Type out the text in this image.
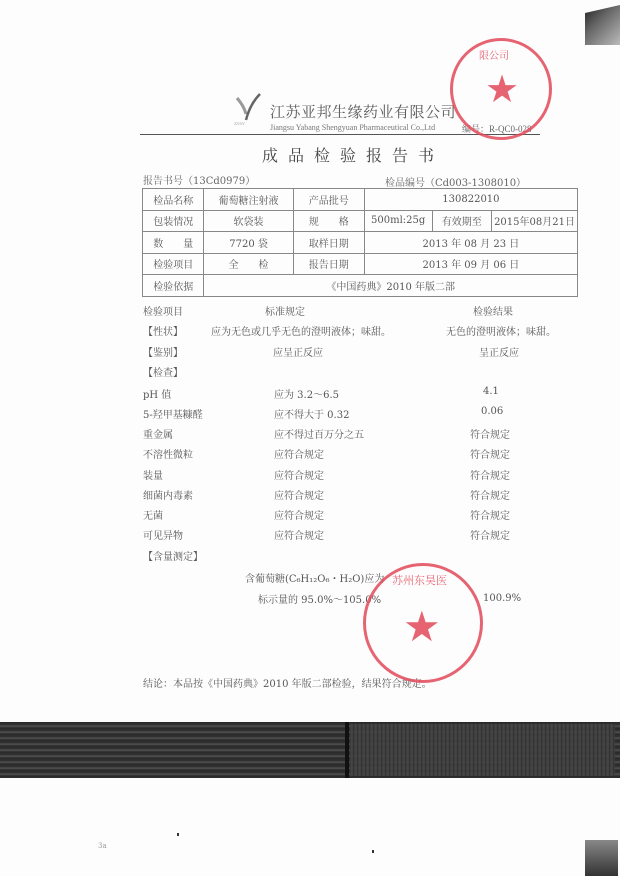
ZYSY
江苏亚邦生缘药业有限公司
Jiangsu Yabang Shengyuan Pharmaceutical Co.,Ltd	编号：R-QC0-028
成品检验报告书
报告书号（13Cd0979）	检品编号（Cd003-1308010）
检品名称	葡萄糖注射液	产品批号	130822010		
包装情况	软袋装	规　　格	500ml:25g	有效期至	2015年08月21日
数　　量	7720 袋	取样日期	2013 年 08 月 23 日		
检验项目	全　　检	报告日期	2013 年 09 月 06 日		
检验依据	《中国药典》2010 年版二部				
检验项目	标准规定	检验结果
【性状】	应为无色或几乎无色的澄明液体；味甜。	无色的澄明液体；味甜。
【鉴别】	应呈正反应	呈正反应
【检查】
pH 值	应为 3.2～6.5	4.1
5-羟甲基糠醛	应不得大于 0.32	0.06
重金属	应不得过百万分之五	符合规定
不溶性微粒	应符合规定	符合规定
装量	应符合规定	符合规定
细菌内毒素	应符合规定	符合规定
无菌	应符合规定	符合规定
可见异物	应符合规定	符合规定
【含量测定】
含葡萄糖(C₆H₁₂O₆・H₂O)应为
标示量的 95.0%～105.0%	100.9%
结论：本品按《中国药典》2010 年版二部检验，结果符合规定。
★
限公司
★
苏州东昊医
3a
